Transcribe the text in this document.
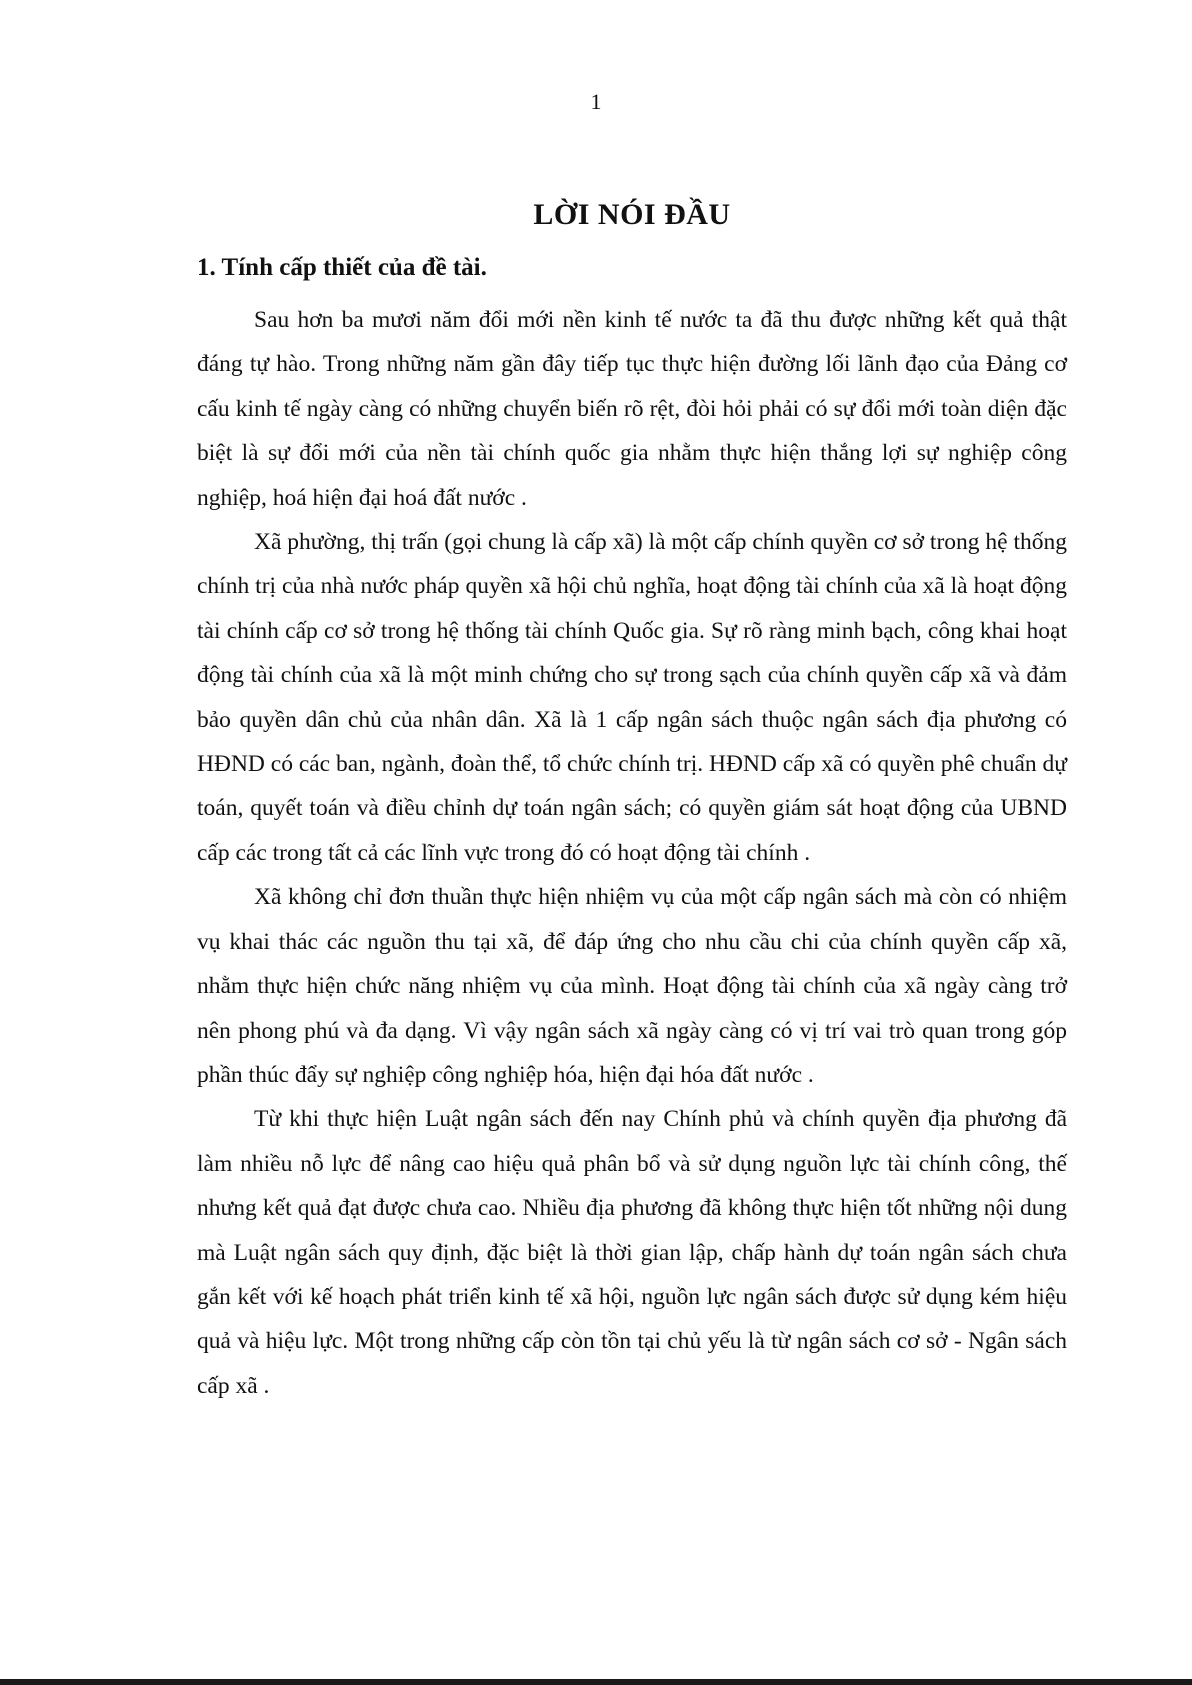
1
LỜI NÓI ĐẦU
1. Tính cấp thiết của đề tài.

Sau hơn ba mươi năm đổi mới nền kinh tế nước ta đã thu được những kết quả thật đáng tự hào. Trong những năm gần đây tiếp tục thực hiện đường lối lãnh đạo của Đảng cơ cấu kinh tế ngày càng có những chuyển biến rõ rệt, đòi hỏi phải có sự đổi mới toàn diện đặc biệt là sự đổi mới của nền tài chính quốc gia nhằm thực hiện thắng lợi sự nghiệp công nghiệp, hoá hiện đại hoá đất nước .

Xã phường, thị trấn (gọi chung là cấp xã) là một cấp chính quyền cơ sở trong hệ thống chính trị của nhà nước pháp quyền xã hội chủ nghĩa, hoạt động tài chính của xã là hoạt động tài chính cấp cơ sở trong hệ thống tài chính Quốc gia. Sự rõ ràng minh bạch, công khai hoạt động tài chính của xã là một minh chứng cho sự trong sạch của chính quyền cấp xã và đảm bảo quyền dân chủ của nhân dân. Xã là 1 cấp ngân sách thuộc ngân sách địa phương có HĐND có các ban, ngành, đoàn thể, tổ chức chính trị. HĐND cấp xã có quyền phê chuẩn dự toán, quyết toán và điều chỉnh dự toán ngân sách; có quyền giám sát hoạt động của UBND cấp các trong tất cả các lĩnh vực trong đó có hoạt động tài chính .

Xã không chỉ đơn thuần thực hiện nhiệm vụ của một cấp ngân sách mà còn có nhiệm vụ khai thác các nguồn thu tại xã, để đáp ứng cho nhu cầu chi của chính quyền cấp xã, nhằm thực hiện chức năng nhiệm vụ của mình. Hoạt động tài chính của xã ngày càng trở nên phong phú và đa dạng. Vì vậy ngân sách xã ngày càng có vị trí vai trò quan trong góp phần thúc đẩy sự nghiệp công nghiệp hóa, hiện đại hóa đất nước .

Từ khi thực hiện Luật ngân sách đến nay Chính phủ và chính quyền địa phương đã làm nhiều nỗ lực để nâng cao hiệu quả phân bổ và sử dụng nguồn lực tài chính công, thế nhưng kết quả đạt được chưa cao. Nhiều địa phương đã không thực hiện tốt những nội dung mà Luật ngân sách quy định, đặc biệt là thời gian lập, chấp hành dự toán ngân sách chưa gắn kết với kế hoạch phát triển kinh tế xã hội, nguồn lực ngân sách được sử dụng kém hiệu quả và hiệu lực. Một trong những cấp còn tồn tại chủ yếu là từ ngân sách cơ sở - Ngân sách cấp xã .
